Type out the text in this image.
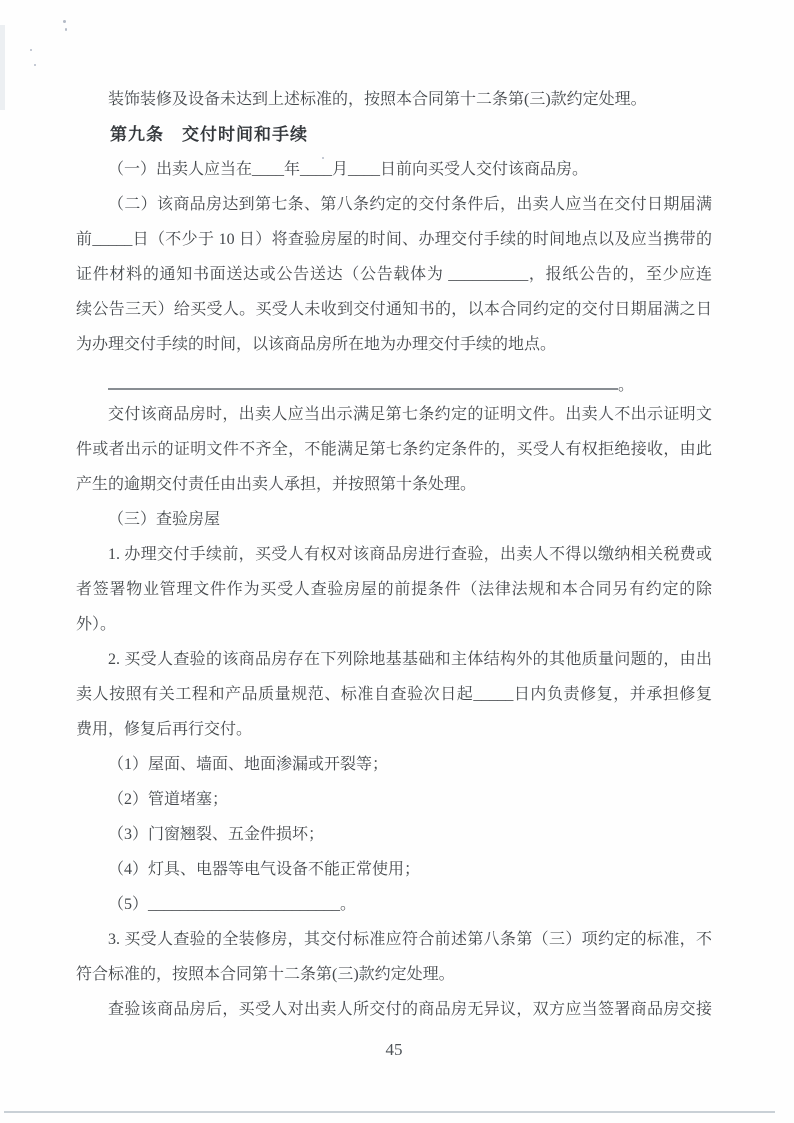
装饰装修及设备未达到上述标准的，按照本合同第十二条第(三)款约定处理。
第九条　交付时间和手续
（一）出卖人应当在____年____月____日前向买受人交付该商品房。
（二）该商品房达到第七条、第八条约定的交付条件后，出卖人应当在交付日期届满
前_____日（不少于 10 日）将查验房屋的时间、办理交付手续的时间地点以及应当携带的
证件材料的通知书面送达或公告送达（公告载体为 __________，报纸公告的，至少应连
续公告三天）给买受人。买受人未收到交付通知书的，以本合同约定的交付日期届满之日
为办理交付手续的时间，以该商品房所在地为办理交付手续的地点。
。
交付该商品房时，出卖人应当出示满足第七条约定的证明文件。出卖人不出示证明文
件或者出示的证明文件不齐全，不能满足第七条约定条件的，买受人有权拒绝接收，由此
产生的逾期交付责任由出卖人承担，并按照第十条处理。
（三）查验房屋
1. 办理交付手续前，买受人有权对该商品房进行查验，出卖人不得以缴纳相关税费或
者签署物业管理文件作为买受人查验房屋的前提条件（法律法规和本合同另有约定的除
外）。
2. 买受人查验的该商品房存在下列除地基基础和主体结构外的其他质量问题的，由出
卖人按照有关工程和产品质量规范、标准自查验次日起_____日内负责修复，并承担修复
费用，修复后再行交付。
（1）屋面、墙面、地面渗漏或开裂等；
（2）管道堵塞；
（3）门窗翘裂、五金件损坏；
（4）灯具、电器等电气设备不能正常使用；
（5）________________________。
3. 买受人查验的全装修房，其交付标准应符合前述第八条第（三）项约定的标准，不
符合标准的，按照本合同第十二条第(三)款约定处理。
查验该商品房后，买受人对出卖人所交付的商品房无异议，双方应当签署商品房交接
45
